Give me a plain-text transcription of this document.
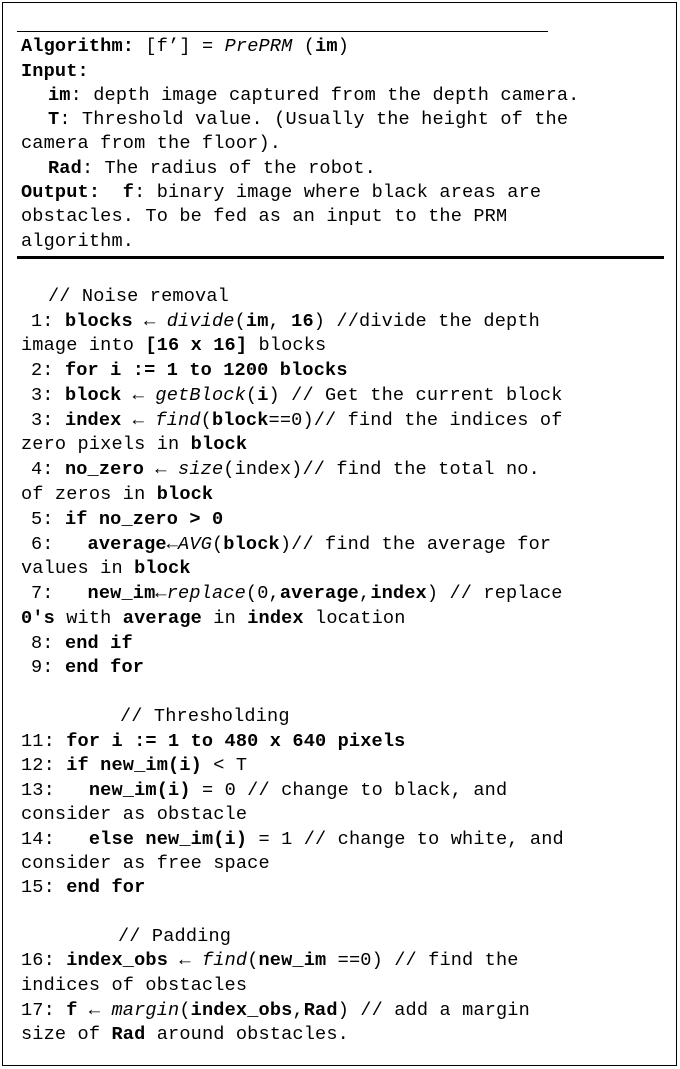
Algorithm: [f’] = PrePRM (im)
Input:
im: depth image captured from the depth camera.
T: Threshold value. (Usually the height of the
camera from the floor).
Rad: The radius of the robot.
Output: f: binary image where black areas are
obstacles. To be fed as an input to the PRM
algorithm.
// Noise removal
1: blocks ← divide(im, 16) //divide the depth
image into [16 x 16] blocks
2: for i := 1 to 1200 blocks
3: block ← getBlock(i) // Get the current block
3: index ← find(block==0)// find the indices of
zero pixels in block
4: no_zero ← size(index)// find the total no.
of zeros in block
5: if no_zero > 0
6:   average←AVG(block)// find the average for
values in block
7:   new_im←replace(0,average,index) // replace
0's with average in index location
8: end if
9: end for
// Thresholding
11: for i := 1 to 480 x 640 pixels
12: if new_im(i) < T
13:   new_im(i) = 0 // change to black, and
consider as obstacle
14:   else new_im(i) = 1 // change to white, and
consider as free space
15: end for
// Padding
16: index_obs ← find(new_im ==0) // find the
indices of obstacles
17: f ← margin(index_obs,Rad) // add a margin
size of Rad around obstacles.
